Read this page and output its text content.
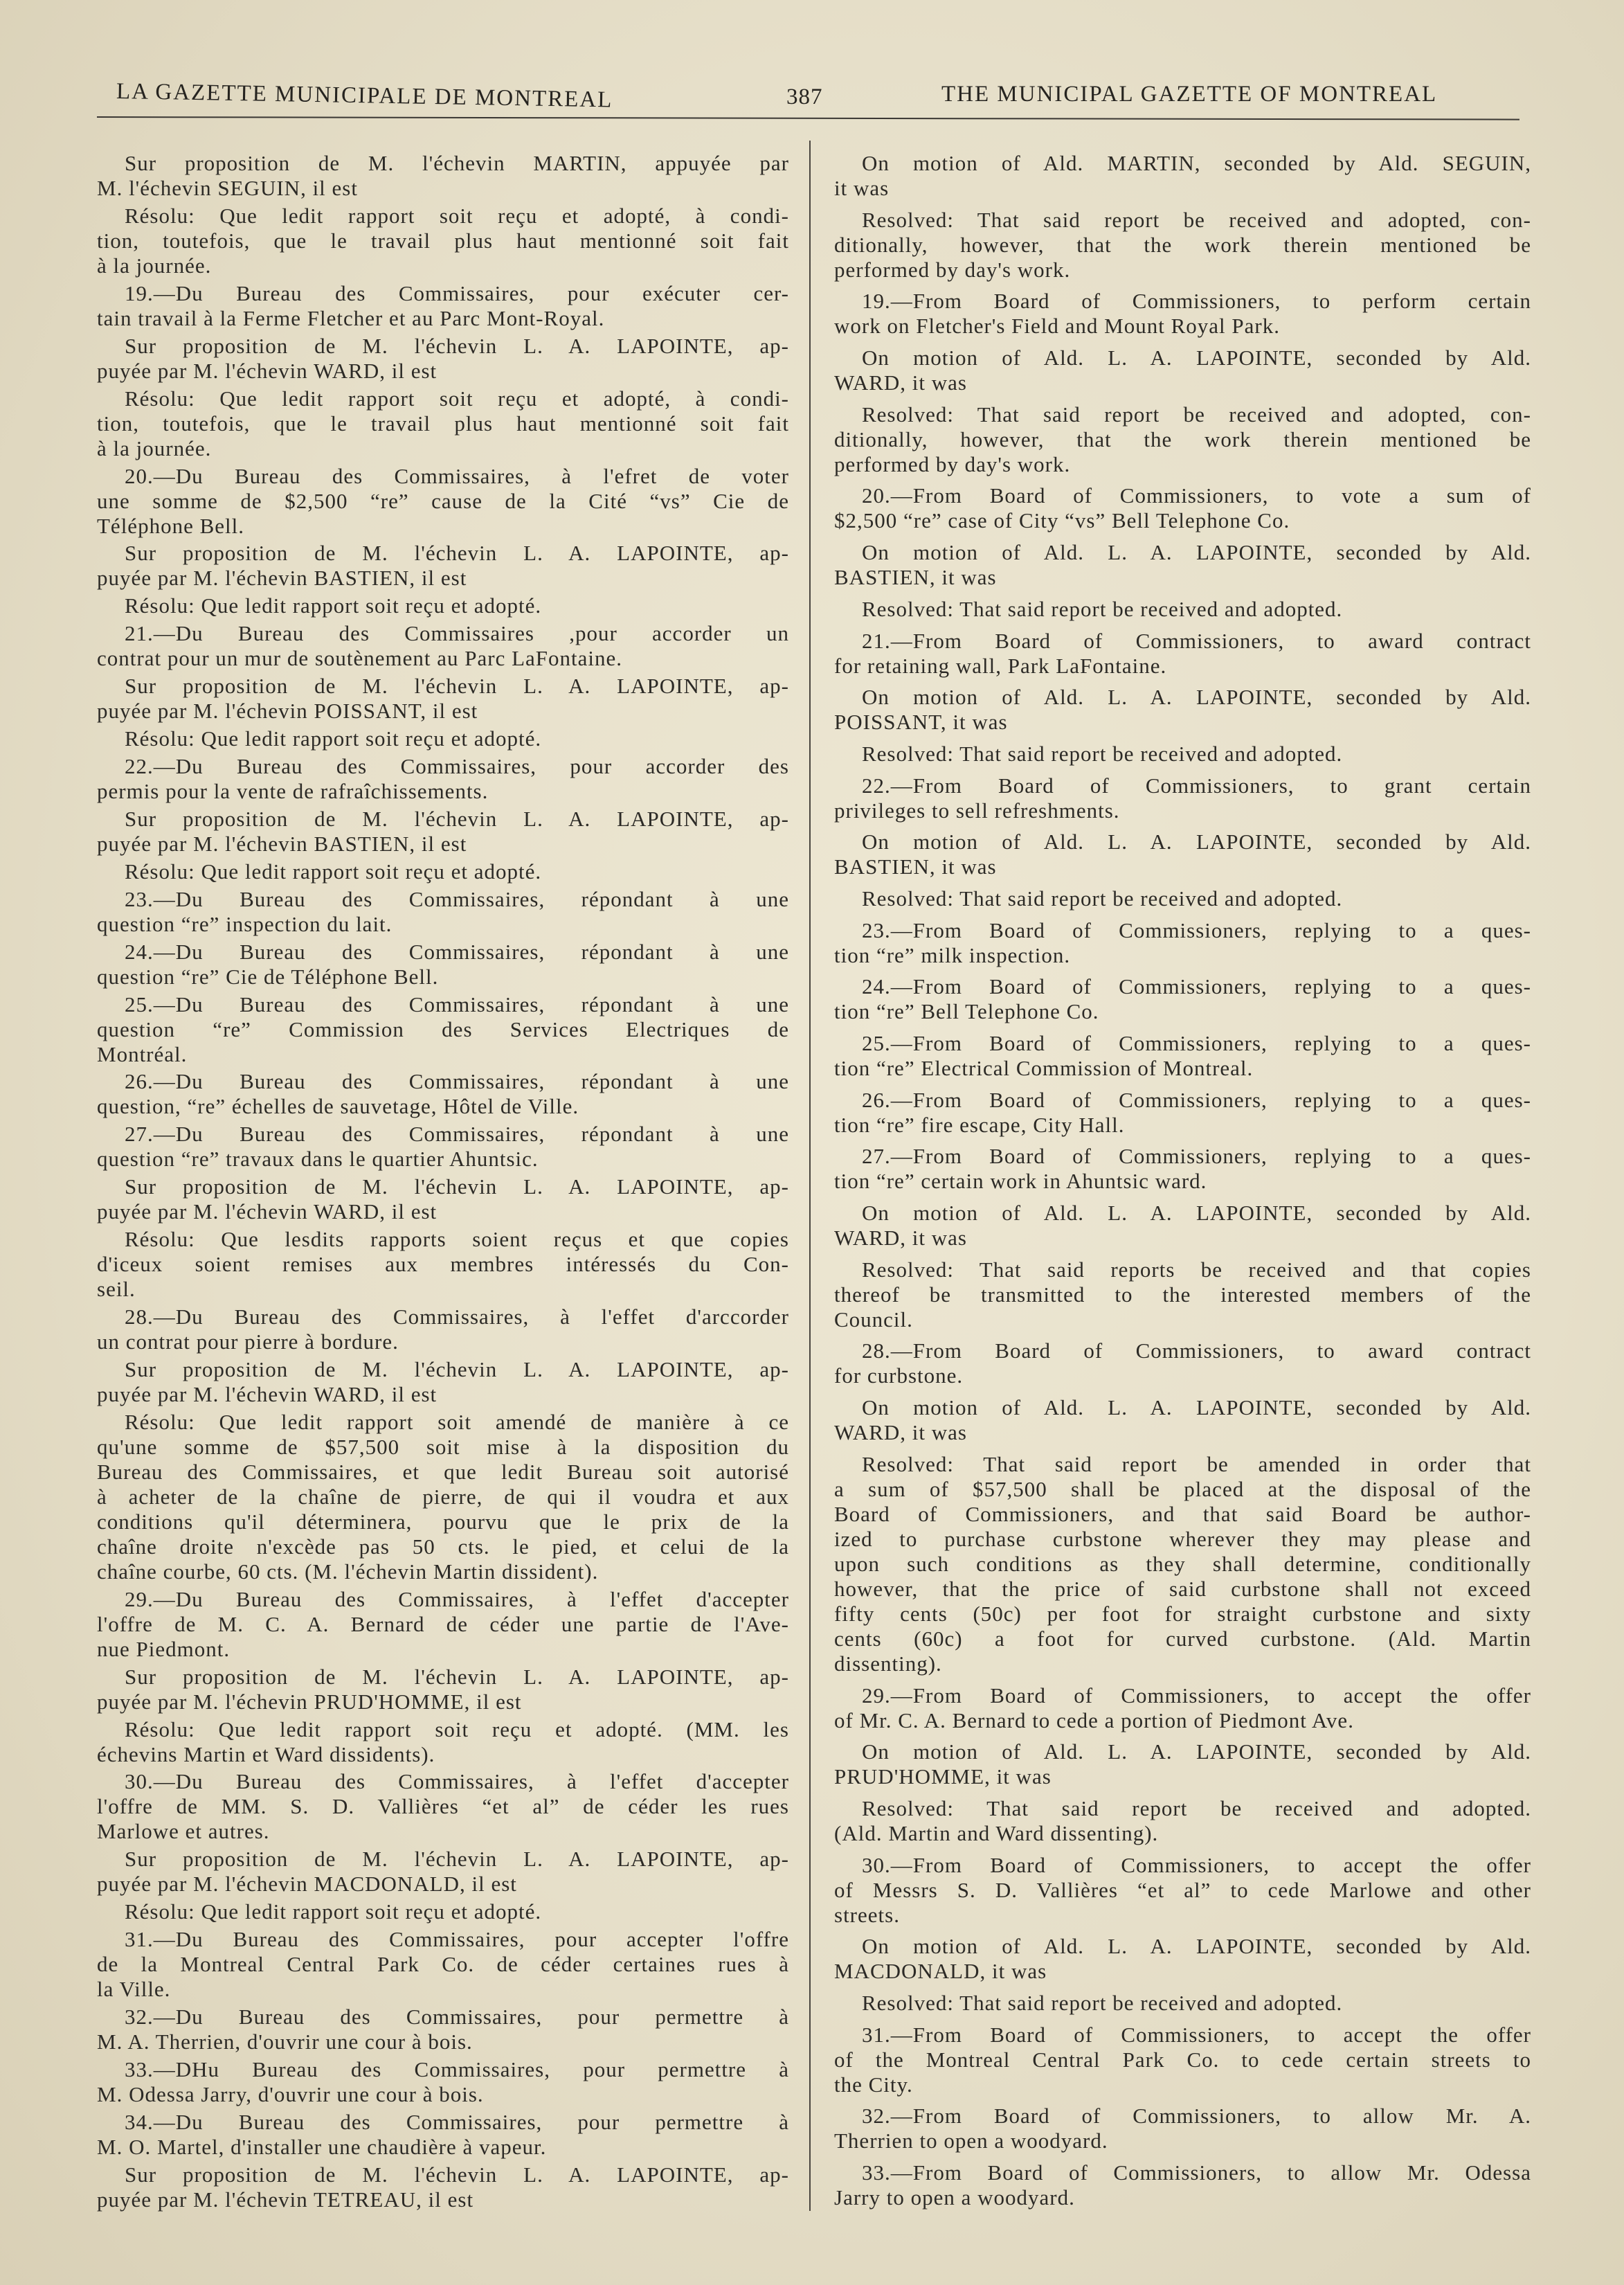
LA GAZETTE MUNICIPALE DE MONTREAL	387	THE MUNICIPAL GAZETTE OF MONTREAL
Sur proposition de M. l'échevin MARTIN, appuyée par
M. l'échevin SEGUIN, il est
Résolu: Que ledit rapport soit reçu et adopté, à condi-
tion, toutefois, que le travail plus haut mentionné soit fait
à la journée.
19.—Du Bureau des Commissaires, pour exécuter cer-
tain travail à la Ferme Fletcher et au Parc Mont-Royal.
Sur proposition de M. l'échevin L. A. LAPOINTE, ap-
puyée par M. l'échevin WARD, il est
Résolu: Que ledit rapport soit reçu et adopté, à condi-
tion, toutefois, que le travail plus haut mentionné soit fait
à la journée.
20.—Du Bureau des Commissaires, à l'efret de voter
une somme de $2,500 “re” cause de la Cité “vs” Cie de
Téléphone Bell.
Sur proposition de M. l'échevin L. A. LAPOINTE, ap-
puyée par M. l'échevin BASTIEN, il est
Résolu: Que ledit rapport soit reçu et adopté.
21.—Du Bureau des Commissaires ,pour accorder un
contrat pour un mur de soutènement au Parc LaFontaine.
Sur proposition de M. l'échevin L. A. LAPOINTE, ap-
puyée par M. l'échevin POISSANT, il est
Résolu: Que ledit rapport soit reçu et adopté.
22.—Du Bureau des Commissaires, pour accorder des
permis pour la vente de rafraîchissements.
Sur proposition de M. l'échevin L. A. LAPOINTE, ap-
puyée par M. l'échevin BASTIEN, il est
Résolu: Que ledit rapport soit reçu et adopté.
23.—Du Bureau des Commissaires, répondant à une
question “re” inspection du lait.
24.—Du Bureau des Commissaires, répondant à une
question “re” Cie de Téléphone Bell.
25.—Du Bureau des Commissaires, répondant à une
question “re” Commission des Services Electriques de
Montréal.
26.—Du Bureau des Commissaires, répondant à une
question, “re” échelles de sauvetage, Hôtel de Ville.
27.—Du Bureau des Commissaires, répondant à une
question “re” travaux dans le quartier Ahuntsic.
Sur proposition de M. l'échevin L. A. LAPOINTE, ap-
puyée par M. l'échevin WARD, il est
Résolu: Que lesdits rapports soient reçus et que copies
d'iceux soient remises aux membres intéressés du Con-
seil.
28.—Du Bureau des Commissaires, à l'effet d'arccorder
un contrat pour pierre à bordure.
Sur proposition de M. l'échevin L. A. LAPOINTE, ap-
puyée par M. l'échevin WARD, il est
Résolu: Que ledit rapport soit amendé de manière à ce
qu'une somme de $57,500 soit mise à la disposition du
Bureau des Commissaires, et que ledit Bureau soit autorisé
à acheter de la chaîne de pierre, de qui il voudra et aux
conditions qu'il déterminera, pourvu que le prix de la
chaîne droite n'excède pas 50 cts. le pied, et celui de la
chaîne courbe, 60 cts. (M. l'échevin Martin dissident).
29.—Du Bureau des Commissaires, à l'effet d'accepter
l'offre de M. C. A. Bernard de céder une partie de l'Ave-
nue Piedmont.
Sur proposition de M. l'échevin L. A. LAPOINTE, ap-
puyée par M. l'échevin PRUD'HOMME, il est
Résolu: Que ledit rapport soit reçu et adopté. (MM. les
échevins Martin et Ward dissidents).
30.—Du Bureau des Commissaires, à l'effet d'accepter
l'offre de MM. S. D. Vallières “et al” de céder les rues
Marlowe et autres.
Sur proposition de M. l'échevin L. A. LAPOINTE, ap-
puyée par M. l'échevin MACDONALD, il est
Résolu: Que ledit rapport soit reçu et adopté.
31.—Du Bureau des Commissaires, pour accepter l'offre
de la Montreal Central Park Co. de céder certaines rues à
la Ville.
32.—Du Bureau des Commissaires, pour permettre à
M. A. Therrien, d'ouvrir une cour à bois.
33.—DHu Bureau des Commissaires, pour permettre à
M. Odessa Jarry, d'ouvrir une cour à bois.
34.—Du Bureau des Commissaires, pour permettre à
M. O. Martel, d'installer une chaudière à vapeur.
Sur proposition de M. l'échevin L. A. LAPOINTE, ap-
puyée par M. l'échevin TETREAU, il est
On motion of Ald. MARTIN, seconded by Ald. SEGUIN,
it was
Resolved: That said report be received and adopted, con-
ditionally, however, that the work therein mentioned be
performed by day's work.
19.—From Board of Commissioners, to perform certain
work on Fletcher's Field and Mount Royal Park.
On motion of Ald. L. A. LAPOINTE, seconded by Ald.
WARD, it was
Resolved: That said report be received and adopted, con-
ditionally, however, that the work therein mentioned be
performed by day's work.
20.—From Board of Commissioners, to vote a sum of
$2,500 “re” case of City “vs” Bell Telephone Co.
On motion of Ald. L. A. LAPOINTE, seconded by Ald.
BASTIEN, it was
Resolved: That said report be received and adopted.
21.—From Board of Commissioners, to award contract
for retaining wall, Park LaFontaine.
On motion of Ald. L. A. LAPOINTE, seconded by Ald.
POISSANT, it was
Resolved: That said report be received and adopted.
22.—From Board of Commissioners, to grant certain
privileges to sell refreshments.
On motion of Ald. L. A. LAPOINTE, seconded by Ald.
BASTIEN, it was
Resolved: That said report be received and adopted.
23.—From Board of Commissioners, replying to a ques-
tion “re” milk inspection.
24.—From Board of Commissioners, replying to a ques-
tion “re” Bell Telephone Co.
25.—From Board of Commissioners, replying to a ques-
tion “re” Electrical Commission of Montreal.
26.—From Board of Commissioners, replying to a ques-
tion “re” fire escape, City Hall.
27.—From Board of Commissioners, replying to a ques-
tion “re” certain work in Ahuntsic ward.
On motion of Ald. L. A. LAPOINTE, seconded by Ald.
WARD, it was
Resolved: That said reports be received and that copies
thereof be transmitted to the interested members of the
Council.
28.—From Board of Commissioners, to award contract
for curbstone.
On motion of Ald. L. A. LAPOINTE, seconded by Ald.
WARD, it was
Resolved: That said report be amended in order that
a sum of $57,500 shall be placed at the disposal of the
Board of Commissioners, and that said Board be author-
ized to purchase curbstone wherever they may please and
upon such conditions as they shall determine, conditionally
however, that the price of said curbstone shall not exceed
fifty cents (50c) per foot for straight curbstone and sixty
cents (60c) a foot for curved curbstone. (Ald. Martin
dissenting).
29.—From Board of Commissioners, to accept the offer
of Mr. C. A. Bernard to cede a portion of Piedmont Ave.
On motion of Ald. L. A. LAPOINTE, seconded by Ald.
PRUD'HOMME, it was
Resolved: That said report be received and adopted.
(Ald. Martin and Ward dissenting).
30.—From Board of Commissioners, to accept the offer
of Messrs S. D. Vallières “et al” to cede Marlowe and other
streets.
On motion of Ald. L. A. LAPOINTE, seconded by Ald.
MACDONALD, it was
Resolved: That said report be received and adopted.
31.—From Board of Commissioners, to accept the offer
of the Montreal Central Park Co. to cede certain streets to
the City.
32.—From Board of Commissioners, to allow Mr. A.
Therrien to open a woodyard.
33.—From Board of Commissioners, to allow Mr. Odessa
Jarry to open a woodyard.
